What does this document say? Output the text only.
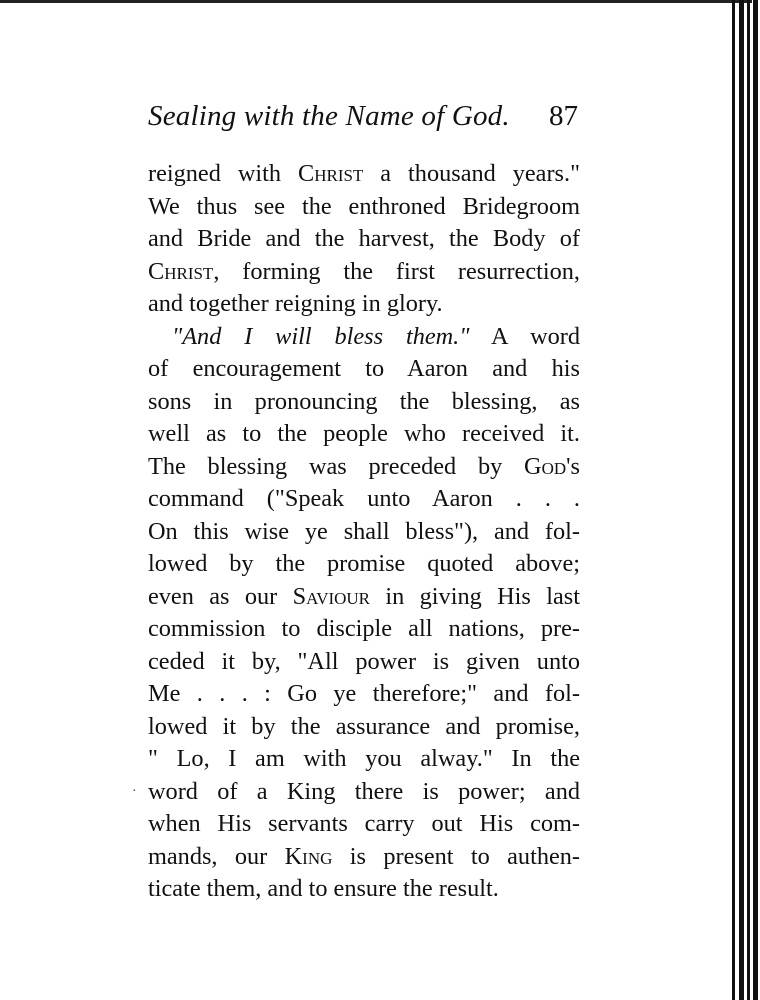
Sealing with the Name of God. 87
reigned with Christ a thousand years."
We thus see the enthroned Bridegroom
and Bride and the harvest, the Body of
Christ, forming the first resurrection,
and together reigning in glory.
"And I will bless them." A word
of encouragement to Aaron and his
sons in pronouncing the blessing, as
well as to the people who received it.
The blessing was preceded by God's
command ("Speak unto Aaron . . .
On this wise ye shall bless"), and fol-
lowed by the promise quoted above;
even as our Saviour in giving His last
commission to disciple all nations, pre-
ceded it by, "All power is given unto
Me . . . : Go ye therefore;" and fol-
lowed it by the assurance and promise,
" Lo, I am with you alway." In the
word of a King there is power; and
when His servants carry out His com-
mands, our King is present to authen-
ticate them, and to ensure the result.
·
